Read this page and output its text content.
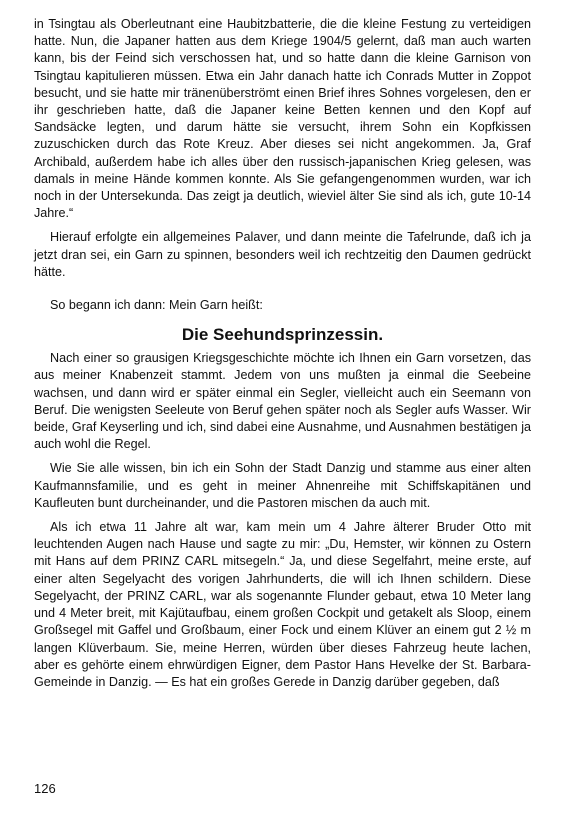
in Tsingtau als Oberleutnant eine Haubitzbatterie, die die kleine Festung zu verteidigen hatte. Nun, die Japaner hatten aus dem Kriege 1904/5 gelernt, daß man auch warten kann, bis der Feind sich verschossen hat, und so hatte dann die kleine Garnison von Tsingtau kapitulieren müssen. Etwa ein Jahr danach hatte ich Conrads Mutter in Zoppot besucht, und sie hatte mir tränenüberströmt einen Brief ihres Sohnes vorgelesen, den er ihr geschrieben hatte, daß die Japaner keine Betten kennen und den Kopf auf Sandsäcke legten, und darum hätte sie versucht, ihrem Sohn ein Kopfkissen zuzuschicken durch das Rote Kreuz. Aber dieses sei nicht angekommen. Ja, Graf Archibald, außerdem habe ich alles über den russisch-japanischen Krieg gelesen, was damals in meine Hände kommen konnte. Als Sie gefangengenommen wurden, war ich noch in der Untersekunda. Das zeigt ja deutlich, wieviel älter Sie sind als ich, gute 10-14 Jahre.“

Hierauf erfolgte ein allgemeines Palaver, und dann meinte die Tafelrunde, daß ich ja jetzt dran sei, ein Garn zu spinnen, besonders weil ich rechtzeitig den Daumen gedrückt hätte.

So begann ich dann: Mein Garn heißt:

Die Seehundsprinzessin.

Nach einer so grausigen Kriegsgeschichte möchte ich Ihnen ein Garn vorsetzen, das aus meiner Knabenzeit stammt. Jedem von uns mußten ja einmal die Seebeine wachsen, und dann wird er später einmal ein Segler, vielleicht auch ein Seemann von Beruf. Die wenigsten Seeleute von Beruf gehen später noch als Segler aufs Wasser. Wir beide, Graf Keyserling und ich, sind dabei eine Ausnahme, und Ausnahmen bestätigen ja auch wohl die Regel.

Wie Sie alle wissen, bin ich ein Sohn der Stadt Danzig und stamme aus einer alten Kaufmannsfamilie, und es geht in meiner Ahnenreihe mit Schiffskapitänen und Kaufleuten bunt durcheinander, und die Pastoren mischen da auch mit.

Als ich etwa 11 Jahre alt war, kam mein um 4 Jahre älterer Bruder Otto mit leuchtenden Augen nach Hause und sagte zu mir: „Du, Hemster, wir können zu Ostern mit Hans auf dem PRINZ CARL mitsegeln.“ Ja, und diese Segelfahrt, meine erste, auf einer alten Segelyacht des vorigen Jahrhunderts, die will ich Ihnen schildern. Diese Segelyacht, der PRINZ CARL, war als sogenannte Flunder gebaut, etwa 10 Meter lang und 4 Meter breit, mit Kajütaufbau, einem großen Cockpit und getakelt als Sloop, einem Großsegel mit Gaffel und Großbaum, einer Fock und einem Klüver an einem gut 2 ½ m langen Klüverbaum. Sie, meine Herren, würden über dieses Fahrzeug heute lachen, aber es gehörte einem ehrwürdigen Eigner, dem Pastor Hans Hevelke der St. Barbara-Gemeinde in Danzig. — Es hat ein großes Gerede in Danzig darüber gegeben, daß

126
